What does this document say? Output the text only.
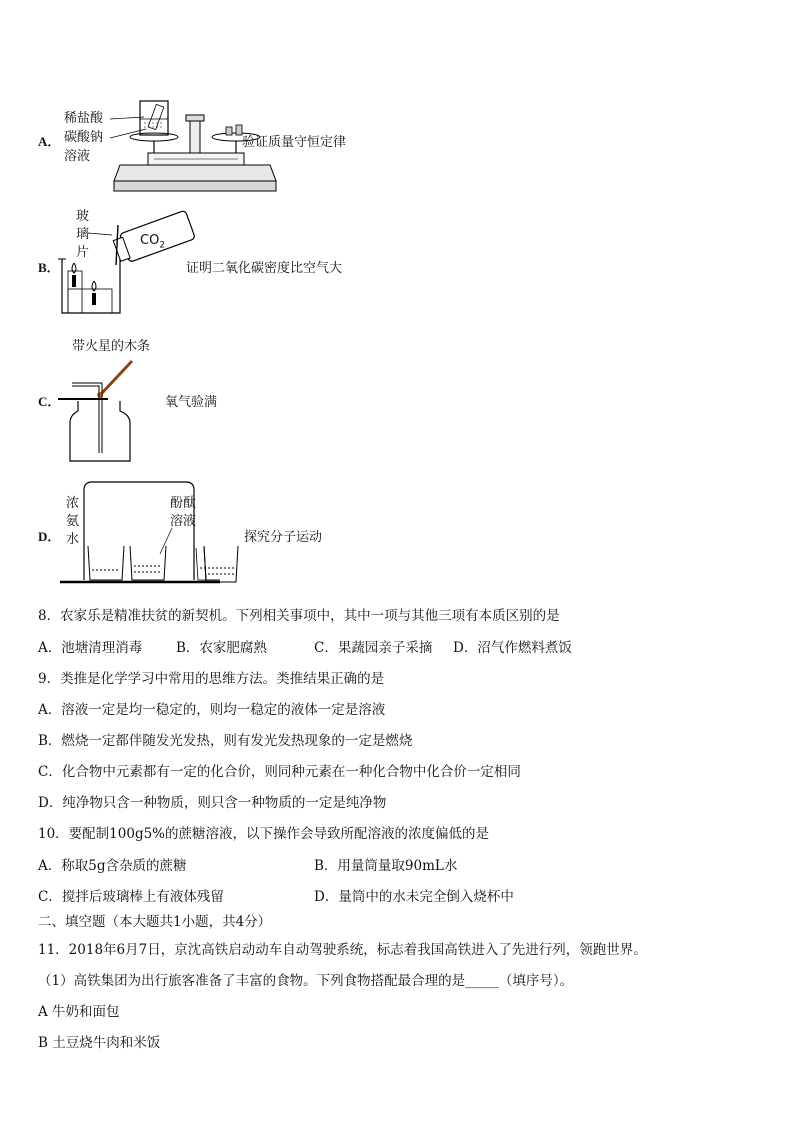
A．
稀盐酸
碳酸钠
溶液
验证质量守恒定律
B．
玻
璃
片
$CO_2$
证明二氧化碳密度比空气大
带火星的木条
C．	氧气验满
D．
浓
氨
水
酚酞
溶液
探究分子运动
8．农家乐是精准扶贫的新契机。下列相关事项中，其中一项与其他三项有本质区别的是
A．池塘清理消毒	B．农家肥腐熟	C．果蔬园亲子采摘 D．沼气作燃料煮饭
9．类推是化学学习中常用的思维方法。类推结果正确的是
A．溶液一定是均一稳定的，则均一稳定的液体一定是溶液
B．燃烧一定都伴随发光发热，则有发光发热现象的一定是燃烧
C．化合物中元素都有一定的化合价，则同种元素在一种化合物中化合价一定相同
D．纯净物只含一种物质，则只含一种物质的一定是纯净物
10．要配制100g5%的蔗糖溶液，以下操作会导致所配溶液的浓度偏低的是
A．称取5g含杂质的蔗糖	B．用量筒量取90mL水
C．搅拌后玻璃棒上有液体残留	D．量筒中的水未完全倒入烧杯中
二、填空题（本大题共1小题，共4分）
11．2018年6月7日，京沈高铁启动动车自动驾驶系统，标志着我国高铁进入了先进行列，领跑世界。
（1）高铁集团为出行旅客准备了丰富的食物。下列食物搭配最合理的是_____（填序号）。
A 牛奶和面包
B 土豆烧牛肉和米饭
